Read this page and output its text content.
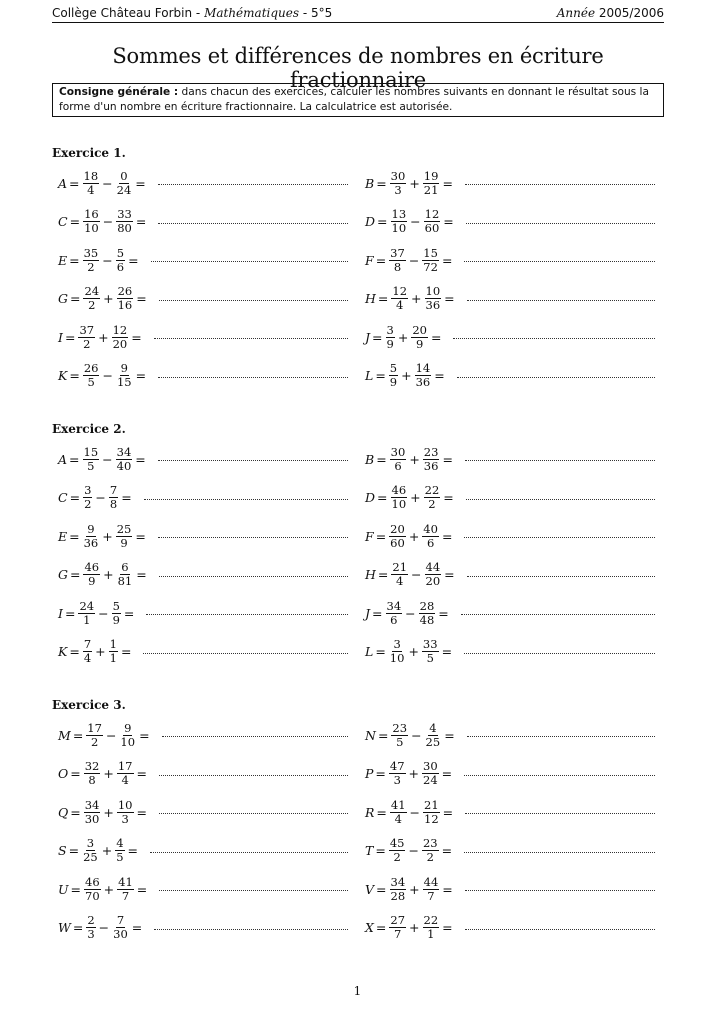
Collège Château Forbin - Mathématiques - 5°5	Année 2005/2006
Sommes et différences de nombres en écriture fractionnaire
Consigne générale : dans chacun des exercices, calculer les nombres suivants en donnant le résultat sous la forme d'un nombre en écriture fractionnaire. La calculatrice est autorisée.
Exercice 1.
$A = \frac{18}{4} - \frac{0}{24}$ =	$B = \frac{30}{3} + \frac{19}{21}$ =
$C = \frac{16}{10} - \frac{33}{80}$ =	$D = \frac{13}{10} - \frac{12}{60}$ =
$E = \frac{35}{2} - \frac{5}{6}$ =	$F = \frac{37}{8} - \frac{15}{72}$ =
$G = \frac{24}{2} + \frac{26}{16}$ =	$H = \frac{12}{4} + \frac{10}{36}$ =
$I = \frac{37}{2} + \frac{12}{20}$ =	$J = \frac{3}{9} + \frac{20}{9}$ =
$K = \frac{26}{5} - \frac{9}{15}$ =	$L = \frac{5}{9} + \frac{14}{36}$ =
Exercice 2.
$A = \frac{15}{5} - \frac{34}{40}$ =	$B = \frac{30}{6} + \frac{23}{36}$ =
$C = \frac{3}{2} - \frac{7}{8}$ =	$D = \frac{46}{10} + \frac{22}{2}$ =
$E = \frac{9}{36} + \frac{25}{9}$ =	$F = \frac{20}{60} + \frac{40}{6}$ =
$G = \frac{46}{9} + \frac{6}{81}$ =	$H = \frac{21}{4} - \frac{44}{20}$ =
$I = \frac{24}{1} - \frac{5}{9}$ =	$J = \frac{34}{6} - \frac{28}{48}$ =
$K = \frac{7}{4} + \frac{1}{1}$ =	$L = \frac{3}{10} + \frac{33}{5}$ =
Exercice 3.
$M = \frac{17}{2} - \frac{9}{10}$ =	$N = \frac{23}{5} - \frac{4}{25}$ =
$O = \frac{32}{8} + \frac{17}{4}$ =	$P = \frac{47}{3} + \frac{30}{24}$ =
$Q = \frac{34}{30} + \frac{10}{3}$ =	$R = \frac{41}{4} - \frac{21}{12}$ =
$S = \frac{3}{25} + \frac{4}{5}$ =	$T = \frac{45}{2} - \frac{23}{2}$ =
$U = \frac{46}{70} + \frac{41}{7}$ =	$V = \frac{34}{28} + \frac{44}{7}$ =
$W = \frac{2}{3} - \frac{7}{30}$ =	$X = \frac{27}{7} + \frac{22}{1}$ =
1
